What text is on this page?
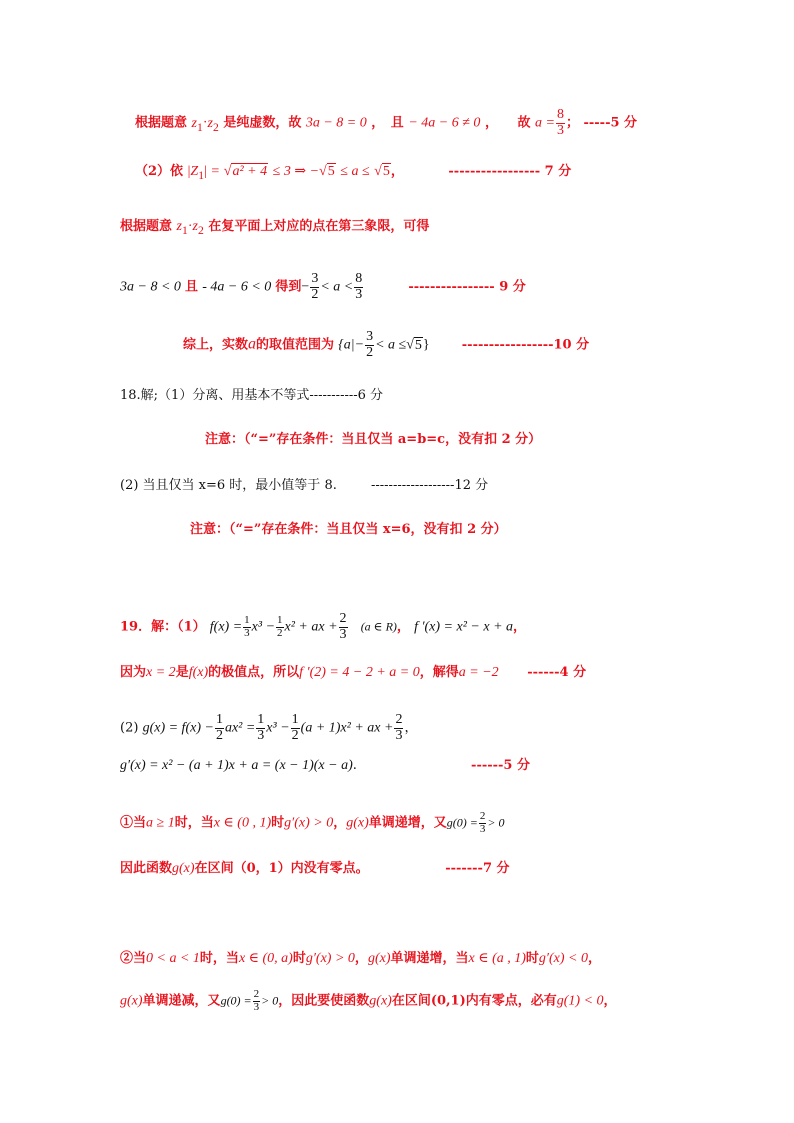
根据题意 $z_1\cdot z_2$ 是纯虚数，故 3a − 8 = 0 ，　且 − 4a − 6 ≠ 0 ，　　故 $a = \frac{8}{3}$ ； -----5 分
（2）依 $|Z_1| = √a^2 + 4 \le 3$ ⇒ −√5 ≤ a ≤ √5，	----------------- 7 分
根据题意 $z_1\cdot z_2$ 在复平面上对应的点在第三象限，可得
3a − 8 < 0 且 - 4a − 6 < 0 得到− $\frac{3}{2} < a < \frac{8}{3}$	---------------- 9 分
综上，实数a的取值范围为 $\{a|- \frac{3}{2} < a \le√5\}$ -----------------10 分
18.解;（1）分离、用基本不等式-----------6 分
注意：（“=”存在条件：当且仅当 a=b=c，没有扣 2 分）
(2) 当且仅当 x=6 时，最小值等于 8.	-------------------12 分
注意：（“=”存在条件：当且仅当 x=6，没有扣 2 分）
19．解：（1） $f(x) = \frac{1}{3} x^3 - \frac{1}{2} x^2$ + ax + $\frac{2}{3} (a$ ∈ R)， f ′(x) = x² − x + a，
因为x = 2是f(x)的极值点，所以f ′(2) = 4 − 2 + a = 0，解得a = −2 ------4 分
(2) $g(x) = f(x) - \frac{1}{2} ax^2 = \frac{1}{3} x^3 - \frac{1}{2} (a + 1)x^2$ + ax + $\frac{2}{3}$ ，
g′(x) = x² − (a + 1)x + a = (x − 1)(x − a).	------5 分
①当a ≥ 1时，当x ∈ (0 , 1)时g′(x) > 0，g(x)单调递增，又$g(0) = \frac{2}{3} > 0$
因此函数g(x)在区间（0，1）内没有零点。	-------7 分
②当0 < a < 1时，当x ∈ (0, a)时g′(x) > 0，g(x)单调递增，当x ∈ (a , 1)时g′(x) < 0，
g(x)单调递减，又$g(0) = \frac{2}{3} > 0$，因此要使函数g(x)在区间(0,1)内有零点，必有g(1) < 0，
